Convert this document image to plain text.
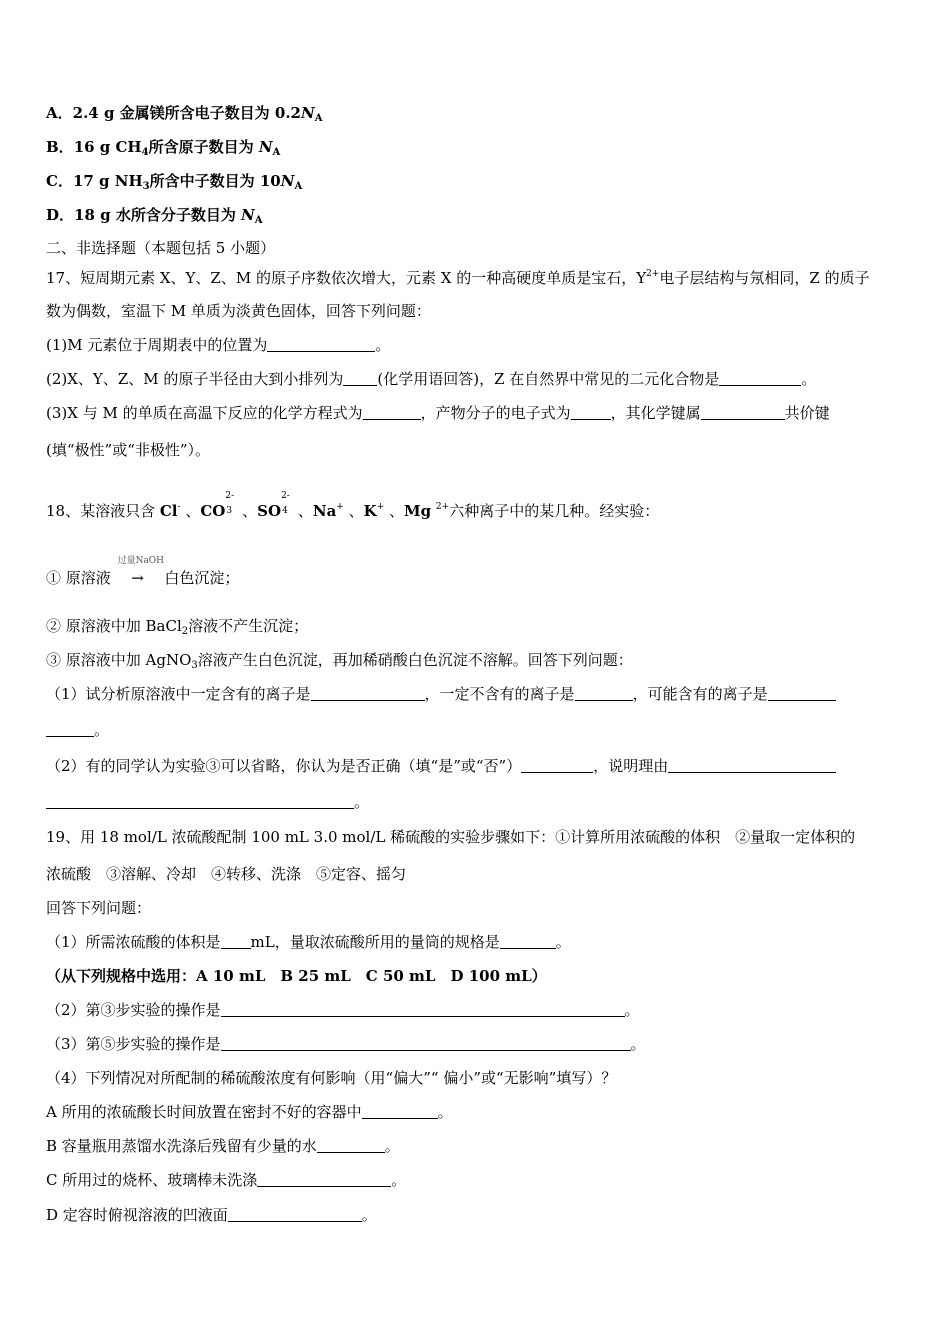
A．2.4 g 金属镁所含电子数目为 $0.2N_A$
B．16 g $CH_4$所含原子数目为 $N_A$
C．17 g $NH_3$所含中子数目为 $10N_A$
D．18 g 水所含分子数目为 $N_A$
二、非选择题（本题包括 5 小题）
17、短周期元素 X、Y、Z、M 的原子序数依次增大，元素 X 的一种高硬度单质是宝石，$Y^{2+}$电子层结构与氖相同，Z 的质子
数为偶数，室温下 M 单质为淡黄色固体，回答下列问题：
(1)M 元素位于周期表中的位置为	。
(2)X、Y、Z、M 的原子半径由大到小排列为 (化学用语回答)，Z 在自然界中常见的二元化合物是	。
(3)X 与 M 的单质在高温下反应的化学方程式为	，产物分子的电子式为	，其化学键属	共价键
(填“极性”或“非极性”）。
18、某溶液只含 Cl- 、CO
2-
3 、SO
2-
4 、Na+ 、K+ 、Mg $^{2+}$六种离子中的某几种。经实验：
① 原溶液
过量NaOH
→ 白色沉淀；
② 原溶液中加 BaCl$_2$溶液不产生沉淀；
③ 原溶液中加 AgNO$_3$溶液产生白色沉淀，再加稀硝酸白色沉淀不溶解。回答下列问题：
（1）试分析原溶液中一定含有的离子是	，一定不含有的离子是	，可能含有的离子是
。
（2）有的同学认为实验③可以省略，你认为是否正确（填“是”或“否”）	，说明理由
。
19、用 18 mol/L 浓硫酸配制 100 mL 3.0 mol/L 稀硫酸的实验步骤如下：①计算所用浓硫酸的体积　②量取一定体积的
浓硫酸　③溶解、冷却　④转移、洗涤　⑤定容、摇匀
回答下列问题：
（1）所需浓硫酸的体积是 mL，量取浓硫酸所用的量筒的规格是	。
（从下列规格中选用：A 10 mL　B 25 mL　C 50 mL　D 100 mL）
（2）第③步实验的操作是	。
（3）第⑤步实验的操作是	。
（4）下列情况对所配制的稀硫酸浓度有何影响（用“偏大”“ 偏小”或“无影响”填写）？
A 所用的浓硫酸长时间放置在密封不好的容器中	。
B 容量瓶用蒸馏水洗涤后残留有少量的水	。
C 所用过的烧杯、玻璃棒未洗涤	。
D 定容时俯视溶液的凹液面	。
